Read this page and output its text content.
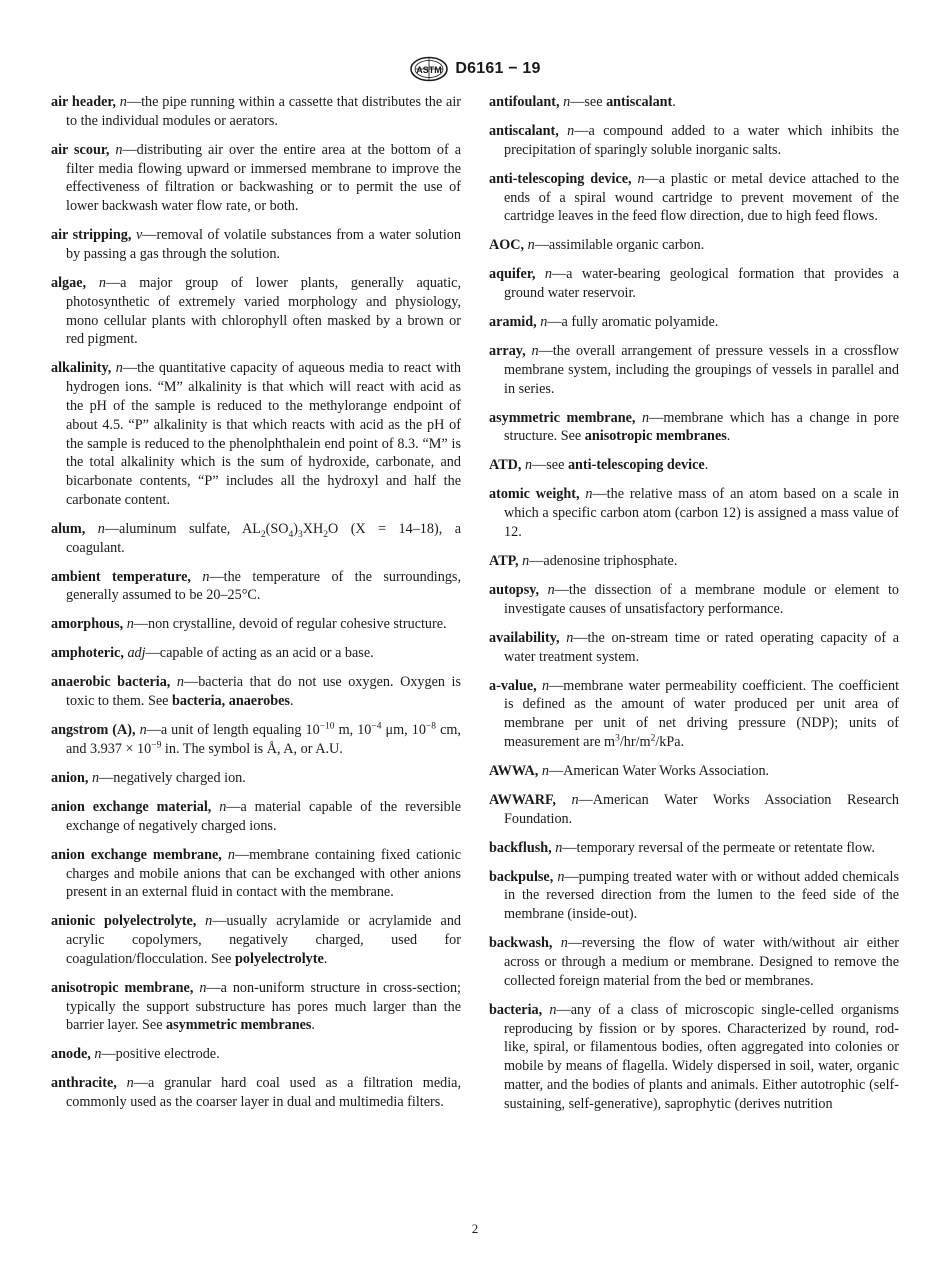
ASTM D6161 − 19

air header, n—the pipe running within a cassette that distributes the air to the individual modules or aerators.

air scour, n—distributing air over the entire area at the bottom of a filter media flowing upward or immersed membrane to improve the effectiveness of filtration or backwashing or to permit the use of lower backwash water flow rate, or both.

air stripping, v—removal of volatile substances from a water solution by passing a gas through the solution.

algae, n—a major group of lower plants, generally aquatic, photosynthetic of extremely varied morphology and physiology, mono cellular plants with chlorophyll often masked by a brown or red pigment.

alkalinity, n—the quantitative capacity of aqueous media to react with hydrogen ions. “M” alkalinity is that which will react with acid as the pH of the sample is reduced to the methylorange endpoint of about 4.5. “P” alkalinity is that which reacts with acid as the pH of the sample is reduced to the phenolphthalein end point of 8.3. “M” is the total alkalinity which is the sum of hydroxide, carbonate, and bicarbonate contents, “P” includes all the hydroxyl and half the carbonate content.

alum, n—aluminum sulfate, $AL_2(SO_4)_3XH_2O$ (X = 14–18), a coagulant.

ambient temperature, n—the temperature of the surroundings, generally assumed to be 20–25°C.

amorphous, n—non crystalline, devoid of regular cohesive structure.

amphoteric, adj—capable of acting as an acid or a base.

anaerobic bacteria, n—bacteria that do not use oxygen. Oxygen is toxic to them. See bacteria, anaerobes.

angstrom (A), n—a unit of length equaling $10^{-10}$ m, $10^{-4}$ μm, $10^{-8}$ cm, and $3.937 \times 10^{-9}$ in. The symbol is Å, A, or A.U.

anion, n—negatively charged ion.

anion exchange material, n—a material capable of the reversible exchange of negatively charged ions.

anion exchange membrane, n—membrane containing fixed cationic charges and mobile anions that can be exchanged with other anions present in an external fluid in contact with the membrane.

anionic polyelectrolyte, n—usually acrylamide or acrylamide and acrylic copolymers, negatively charged, used for coagulation/flocculation. See polyelectrolyte.

anisotropic membrane, n—a non-uniform structure in cross-section; typically the support substructure has pores much larger than the barrier layer. See asymmetric membranes.

anode, n—positive electrode.

anthracite, n—a granular hard coal used as a filtration media, commonly used as the coarser layer in dual and multimedia filters.

antifoulant, n—see antiscalant.

antiscalant, n—a compound added to a water which inhibits the precipitation of sparingly soluble inorganic salts.

anti-telescoping device, n—a plastic or metal device attached to the ends of a spiral wound cartridge to prevent movement of the cartridge leaves in the feed flow direction, due to high feed flows.

AOC, n—assimilable organic carbon.

aquifer, n—a water-bearing geological formation that provides a ground water reservoir.

aramid, n—a fully aromatic polyamide.

array, n—the overall arrangement of pressure vessels in a crossflow membrane system, including the groupings of vessels in parallel and in series.

asymmetric membrane, n—membrane which has a change in pore structure. See anisotropic membranes.

ATD, n—see anti-telescoping device.

atomic weight, n—the relative mass of an atom based on a scale in which a specific carbon atom (carbon 12) is assigned a mass value of 12.

ATP, n—adenosine triphosphate.

autopsy, n—the dissection of a membrane module or element to investigate causes of unsatisfactory performance.

availability, n—the on-stream time or rated operating capacity of a water treatment system.

a-value, n—membrane water permeability coefficient. The coefficient is defined as the amount of water produced per unit area of membrane per unit of net driving pressure (NDP); units of measurement are $m^3/hr/m^2$/kPa.

AWWA, n—American Water Works Association.

AWWARF, n—American Water Works Association Research Foundation.

backflush, n—temporary reversal of the permeate or retentate flow.

backpulse, n—pumping treated water with or without added chemicals in the reversed direction from the lumen to the feed side of the membrane (inside-out).

backwash, n—reversing the flow of water with/without air either across or through a medium or membrane. Designed to remove the collected foreign material from the bed or membranes.

bacteria, n—any of a class of microscopic single-celled organisms reproducing by fission or by spores. Characterized by round, rod-like, spiral, or filamentous bodies, often aggregated into colonies or mobile by means of flagella. Widely dispersed in soil, water, organic matter, and the bodies of plants and animals. Either autotrophic (self-sustaining, self-generative), saprophytic (derives nutrition

2
